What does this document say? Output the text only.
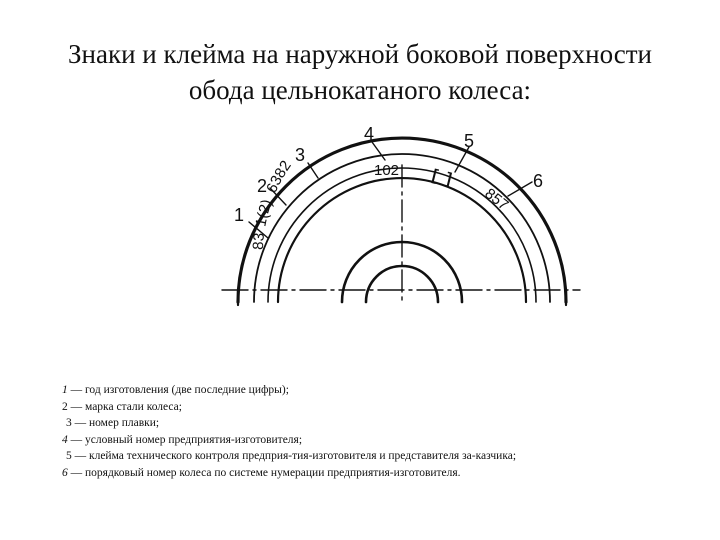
Знаки и клейма на наружной боковой поверхности
обода цельнокатаного колеса:
83 1(2) 6382	102 [  ]
857
1
2
3
4	5
6
1 — год изготовления (две последние цифры);
2 — марка стали колеса;
3 — номер плавки;
4 — условный номер предприятия-изготовителя;
5 — клейма технического контроля предприя-тия-изготовителя и представителя за-казчика;
6 — порядковый номер колеса по системе нумерации предприятия-изготовителя.
